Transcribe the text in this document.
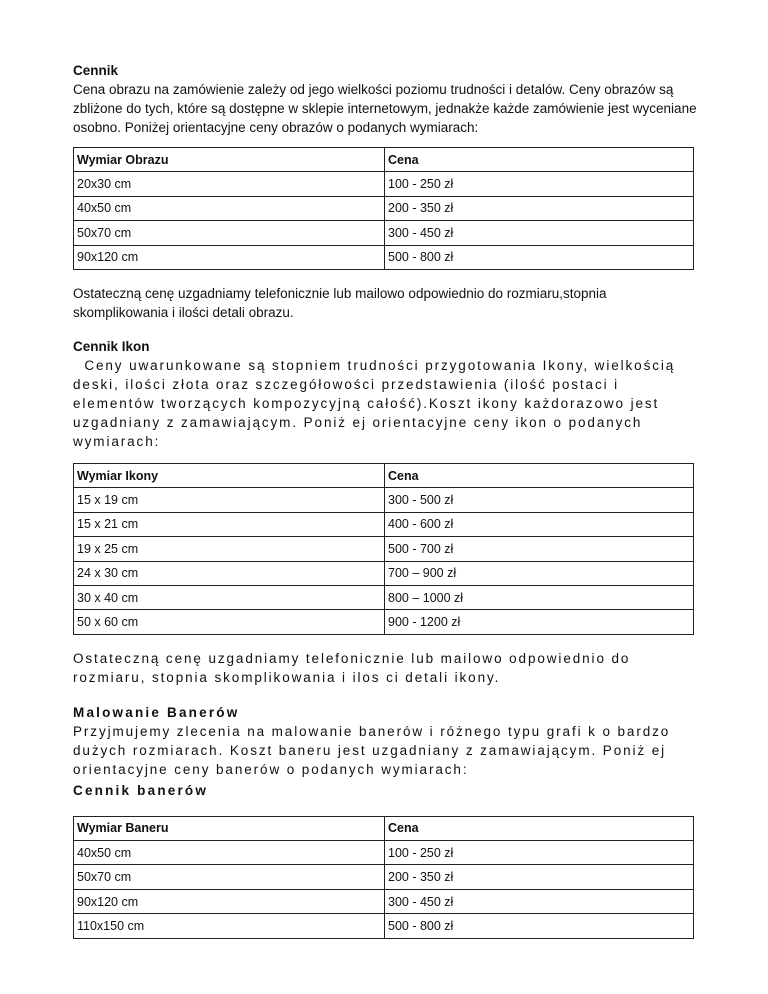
Cennik

Cena obrazu na zamówienie zależy od jego wielkości poziomu trudności i detalów. Ceny obrazów są zbliżone do tych, które są dostępne w sklepie internetowym, jednakże każde zamówienie jest wyceniane osobno. Poniżej orientacyjne ceny obrazów o podanych wymiarach:

Wymiar Obrazu	Cena
20x30 cm	100 - 250 zł
40x50 cm	200 - 350 zł
50x70 cm	300 - 450 zł
90x120 cm	500 - 800 zł

Ostateczną cenę uzgadniamy telefonicznie lub mailowo odpowiednio do rozmiaru,stopnia skomplikowania i ilości detali obrazu.

Cennik Ikon

Ceny uwarunkowane są stopniem trudności przygotowania Ikony, wielkością deski, ilości złota oraz szczegółowości przedstawienia (ilość postaci i elementów tworzących kompozycyjną całość).Koszt ikony każdorazowo jest uzgadniany z zamawiającym. Poniż ej orientacyjne ceny ikon o podanych wymiarach:

Wymiar Ikony	Cena
15 x 19 cm	300 - 500 zł
15 x 21 cm	400 - 600 zł
19 x 25 cm	500 - 700 zł
24 x 30 cm	700 – 900 zł
30 x 40 cm	800 – 1000 zł
50 x 60 cm	900 - 1200 zł

Ostateczną cenę uzgadniamy telefonicznie lub mailowo odpowiednio do rozmiaru, stopnia skomplikowania i ilos ci detali ikony.

Malowanie Banerów

Przyjmujemy zlecenia na malowanie banerów i różnego typu grafi k o bardzo dużych rozmiarach. Koszt baneru jest uzgadniany z zamawiającym. Poniż ej orientacyjne ceny banerów o podanych wymiarach:

Cennik banerów

Wymiar Baneru	Cena
40x50 cm	100 - 250 zł
50x70 cm	200 - 350 zł
90x120 cm	300 - 450 zł
110x150 cm	500 - 800 zł
